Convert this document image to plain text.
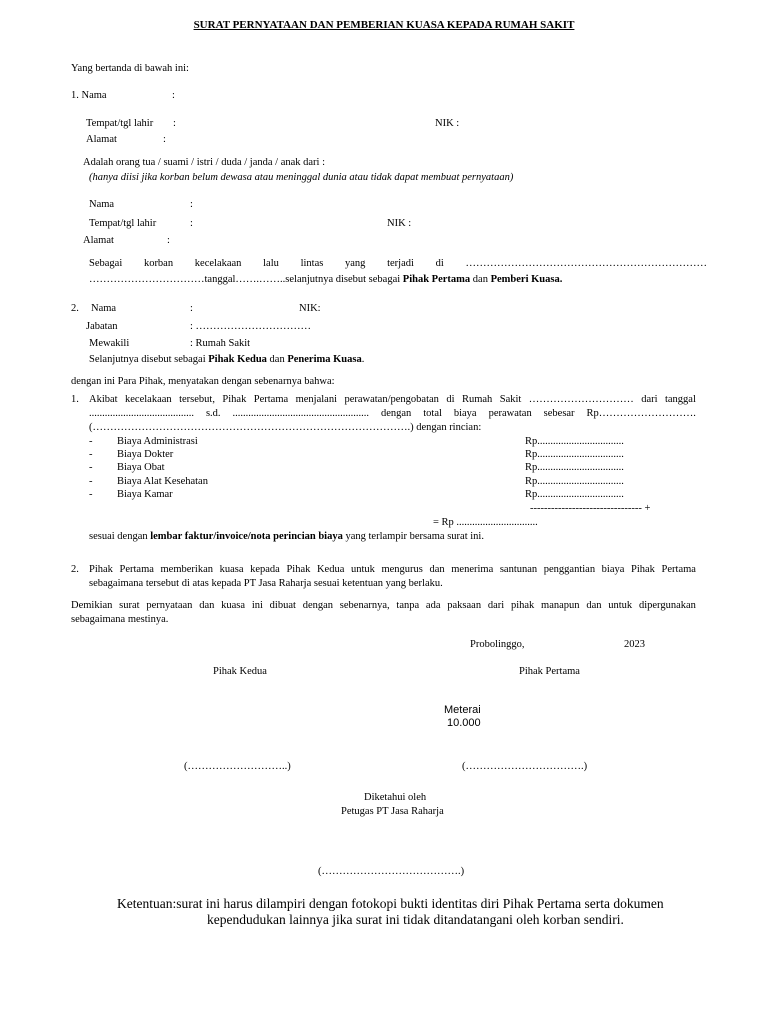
SURAT PERNYATAAN DAN PEMBERIAN KUASA KEPADA RUMAH SAKIT
Yang bertanda di bawah ini:
1. Nama	:
Tempat/tgl lahir :	NIK :
Alamat	:
Adalah orang tua / suami / istri / duda / janda / anak dari :
(hanya diisi jika korban belum dewasa atau meninggal dunia atau tidak dapat membuat pernyataan)
Nama	:
Tempat/tgl lahir	:	NIK :
Alamat	:
Sebagai korban kecelakaan lalu lintas yang terjadi di ……………………………………………………………
……………………………tanggal…….……..selanjutnya disebut sebagai Pihak Pertama dan Pemberi Kuasa.
2. Nama	:	NIK:
Jabatan	: ……………………………
Mewakili	: Rumah Sakit
Selanjutnya disebut sebagai Pihak Kedua dan Penerima Kuasa.
dengan ini Para Pihak, menyatakan dengan sebenarnya bahwa:
1. Akibat kecelakaan tersebut, Pihak Pertama menjalani perawatan/pengobatan di Rumah Sakit ………………………… dari tanggal
........................................ s.d. .................................................... dengan total biaya perawatan sebesar Rp……………………….
(……………………………………………………………………………….) dengan rincian:
- Biaya Administrasi	Rp.................................
- Biaya Dokter	Rp.................................
- Biaya Obat	Rp.................................
- Biaya Alat Kesehatan	Rp.................................
- Biaya Kamar	Rp.................................
-------------------------------- +
= Rp ...............................
sesuai dengan lembar faktur/invoice/nota perincian biaya yang terlampir bersama surat ini.
2. Pihak Pertama memberikan kuasa kepada Pihak Kedua untuk mengurus dan menerima santunan penggantian biaya Pihak Pertama
sebagaimana tersebut di atas kepada PT Jasa Raharja sesuai ketentuan yang berlaku.
Demikian surat pernyataan dan kuasa ini dibuat dengan sebenarnya, tanpa ada paksaan dari pihak manapun dan untuk dipergunakan
sebagaimana mestinya.
Probolinggo,	2023
Pihak Kedua	Pihak Pertama
Meterai
10.000
(………………………..)	(…………………………….)
Diketahui oleh
Petugas PT Jasa Raharja
(………………………………….)
Ketentuan:surat ini harus dilampiri dengan fotokopi bukti identitas diri Pihak Pertama serta dokumen
kependudukan lainnya jika surat ini tidak ditandatangani oleh korban sendiri.
